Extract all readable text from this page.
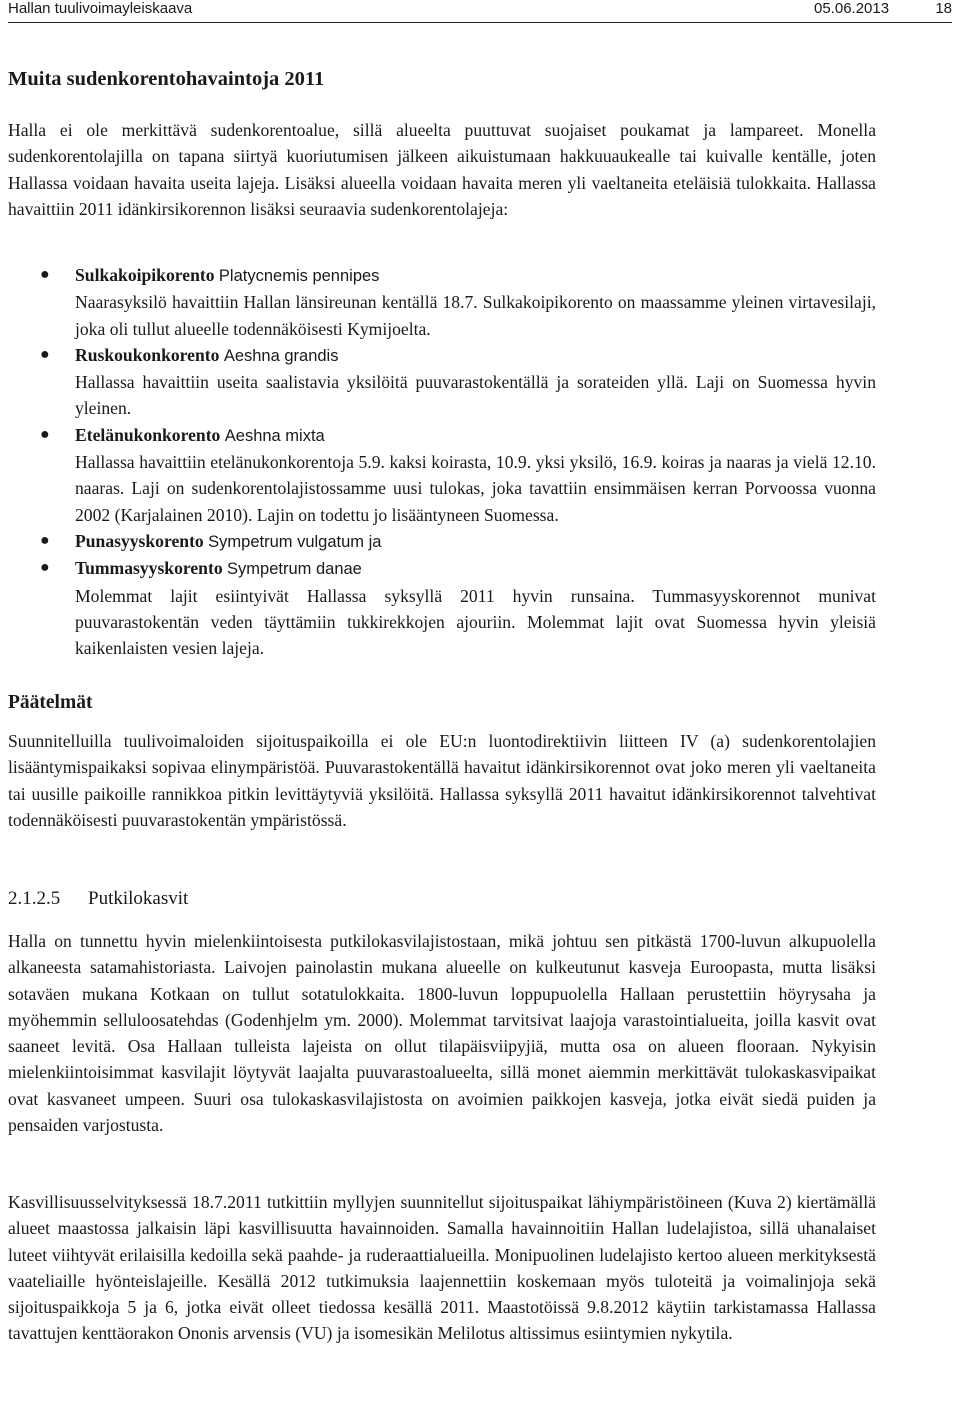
Hallan tuulivoimayleiskaava	05.06.2013	18
Muita sudenkorentohavaintoja 2011

Halla ei ole merkittävä sudenkorentoalue, sillä alueelta puuttuvat suojaiset poukamat ja lampareet. Monella sudenkorentolajilla on tapana siirtyä kuoriutumisen jälkeen aikuistumaan hakkuuaukealle tai kuivalle kentälle, joten Hallassa voidaan havaita useita lajeja. Lisäksi alueella voidaan havaita meren yli vaeltaneita eteläisiä tulokkaita. Hallassa havaittiin 2011 idänkirsikorennon lisäksi seuraavia sudenkorentolajeja:

● Sulkakoipikorento Platycnemis pennipes
Naarasyksilö havaittiin Hallan länsireunan kentällä 18.7. Sulkakoipikorento on maassamme yleinen virtavesilaji, joka oli tullut alueelle todennäköisesti Kymijoelta.
● Ruskoukonkorento Aeshna grandis
Hallassa havaittiin useita saalistavia yksilöitä puuvarastokentällä ja sorateiden yllä. Laji on Suomessa hyvin yleinen.
● Etelänukonkorento Aeshna mixta
Hallassa havaittiin etelänukonkorentoja 5.9. kaksi koirasta, 10.9. yksi yksilö, 16.9. koiras ja naaras ja vielä 12.10. naaras. Laji on sudenkorentolajistossamme uusi tulokas, joka tavattiin ensimmäisen kerran Porvoossa vuonna 2002 (Karjalainen 2010). Lajin on todettu jo lisääntyneen Suomessa.
● Punasyyskorento Sympetrum vulgatum ja
● Tummasyyskorento Sympetrum danae
Molemmat lajit esiintyivät Hallassa syksyllä 2011 hyvin runsaina. Tummasyyskorennot munivat puuvarastokentän veden täyttämiin tukkirekkojen ajouriin. Molemmat lajit ovat Suomessa hyvin yleisiä kaikenlaisten vesien lajeja.
Päätelmät

Suunnitelluilla tuulivoimaloiden sijoituspaikoilla ei ole EU:n luontodirektiivin liitteen IV (a) sudenkorentolajien lisääntymispaikaksi sopivaa elinympäristöä. Puuvarastokentällä havaitut idänkirsikorennot ovat joko meren yli vaeltaneita tai uusille paikoille rannikkoa pitkin levittäytyviä yksilöitä. Hallassa syksyllä 2011 havaitut idänkirsikorennot talvehtivat todennäköisesti puuvarastokentän ympäristössä.

2.1.2.5 Putkilokasvit

Halla on tunnettu hyvin mielenkiintoisesta putkilokasvilajistostaan, mikä johtuu sen pitkästä 1700-luvun alkupuolella alkaneesta satamahistoriasta. Laivojen painolastin mukana alueelle on kulkeutunut kasveja Euroopasta, mutta lisäksi sotaväen mukana Kotkaan on tullut sotatulokkaita. 1800-luvun loppupuolella Hallaan perustettiin höyrysaha ja myöhemmin selluloosatehdas (Godenhjelm ym. 2000). Molemmat tarvitsivat laajoja varastointialueita, joilla kasvit ovat saaneet levitä. Osa Hallaan tulleista lajeista on ollut tilapäisviipyjiä, mutta osa on alueen flooraan. Nykyisin mielenkiintoisimmat kasvilajit löytyvät laajalta puuvarastoalueelta, sillä monet aiemmin merkittävät tulokaskasvipaikat ovat kasvaneet umpeen. Suuri osa tulokaskasvilajistosta on avoimien paikkojen kasveja, jotka eivät siedä puiden ja pensaiden varjostusta.

Kasvillisuusselvityksessä 18.7.2011 tutkittiin myllyjen suunnitellut sijoituspaikat lähiympäristöineen (Kuva 2) kiertämällä alueet maastossa jalkaisin läpi kasvillisuutta havainnoiden. Samalla havainnoitiin Hallan ludelajistoa, sillä uhanalaiset luteet viihtyvät erilaisilla kedoilla sekä paahde- ja ruderaattialueilla. Monipuolinen ludelajisto kertoo alueen merkityksestä vaateliaille hyönteislajeille. Kesällä 2012 tutkimuksia laajennettiin koskemaan myös tuloteitä ja voimalinjoja sekä sijoituspaikkoja 5 ja 6, jotka eivät olleet tiedossa kesällä 2011. Maastotöissä 9.8.2012 käytiin tarkistamassa Hallassa tavattujen kenttäorakon Ononis arvensis (VU) ja isomesikän Melilotus altissimus esiintymien nykytila.
